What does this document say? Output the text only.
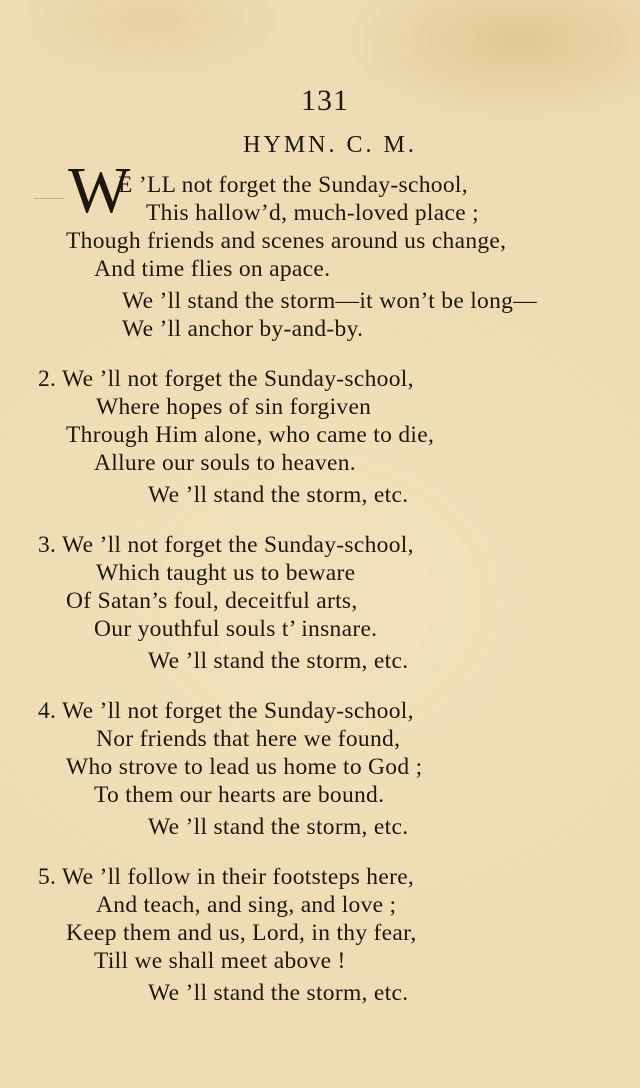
131
HYMN. C. M.
W
E ’LL not forget the Sunday-school,
This hallow’d, much-loved place ;
Though friends and scenes around us change,
And time flies on apace.
We ’ll stand the storm—it won’t be long—
We ’ll anchor by-and-by.
2. We ’ll not forget the Sunday-school,
Where hopes of sin forgiven
Through Him alone, who came to die,
Allure our souls to heaven.
We ’ll stand the storm, etc.
3. We ’ll not forget the Sunday-school,
Which taught us to beware
Of Satan’s foul, deceitful arts,
Our youthful souls t’ insnare.
We ’ll stand the storm, etc.
4. We ’ll not forget the Sunday-school,
Nor friends that here we found,
Who strove to lead us home to God ;
To them our hearts are bound.
We ’ll stand the storm, etc.
5. We ’ll follow in their footsteps here,
And teach, and sing, and love ;
Keep them and us, Lord, in thy fear,
Till we shall meet above !
We ’ll stand the storm, etc.
